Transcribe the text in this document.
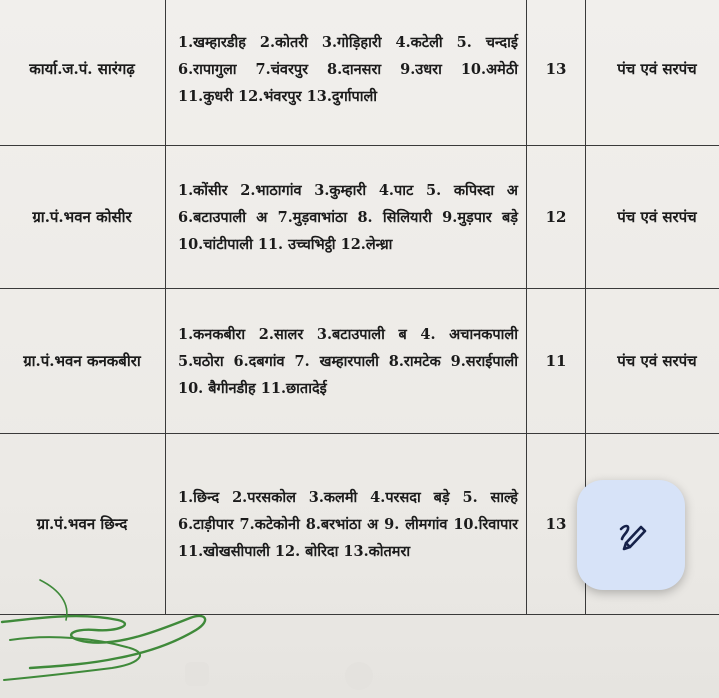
कार्या.ज.पं. सारंगढ़	1.खम्हारडीह 2.कोतरी 3.गोड़िहारी 4.कटेली 5. चन्दाई 6.रापागुला 7.चंवरपुर 8.दानसरा 9.उधरा 10.अमेठी 11.कुधरी 12.भंवरपुर 13.दुर्गापाली	13	पंच एवं सरपंच
ग्रा.पं.भवन कोसीर	1.कोंसीर 2.भाठागांव 3.कुम्हारी 4.पाट 5. कपिस्दा अ 6.बटाउपाली अ 7.मुड़वाभांठा 8. सिलियारी 9.मुड़पार बड़े 10.चांटीपाली 11. उच्चभिट्ठी 12.लेन्ध्रा	12	पंच एवं सरपंच
ग्रा.पं.भवन कनकबीरा	1.कनकबीरा 2.सालर 3.बटाउपाली ब 4. अचानकपाली 5.घठोरा 6.दबगांव 7. खम्हारपाली 8.रामटेक 9.सराईपाली 10. बैगीनडीह 11.छातादेई	11	पंच एवं सरपंच
ग्रा.पं.भवन छिन्द	1.छिन्द 2.परसकोल 3.कलमी 4.परसदा बड़े 5. साल्हे 6.टाड़ीपार 7.कटेकोनी 8.बरभांठा अ 9. लीमगांव 10.रिवापार 11.खोखसीपाली 12. बोरिदा 13.कोतमरा	13	
